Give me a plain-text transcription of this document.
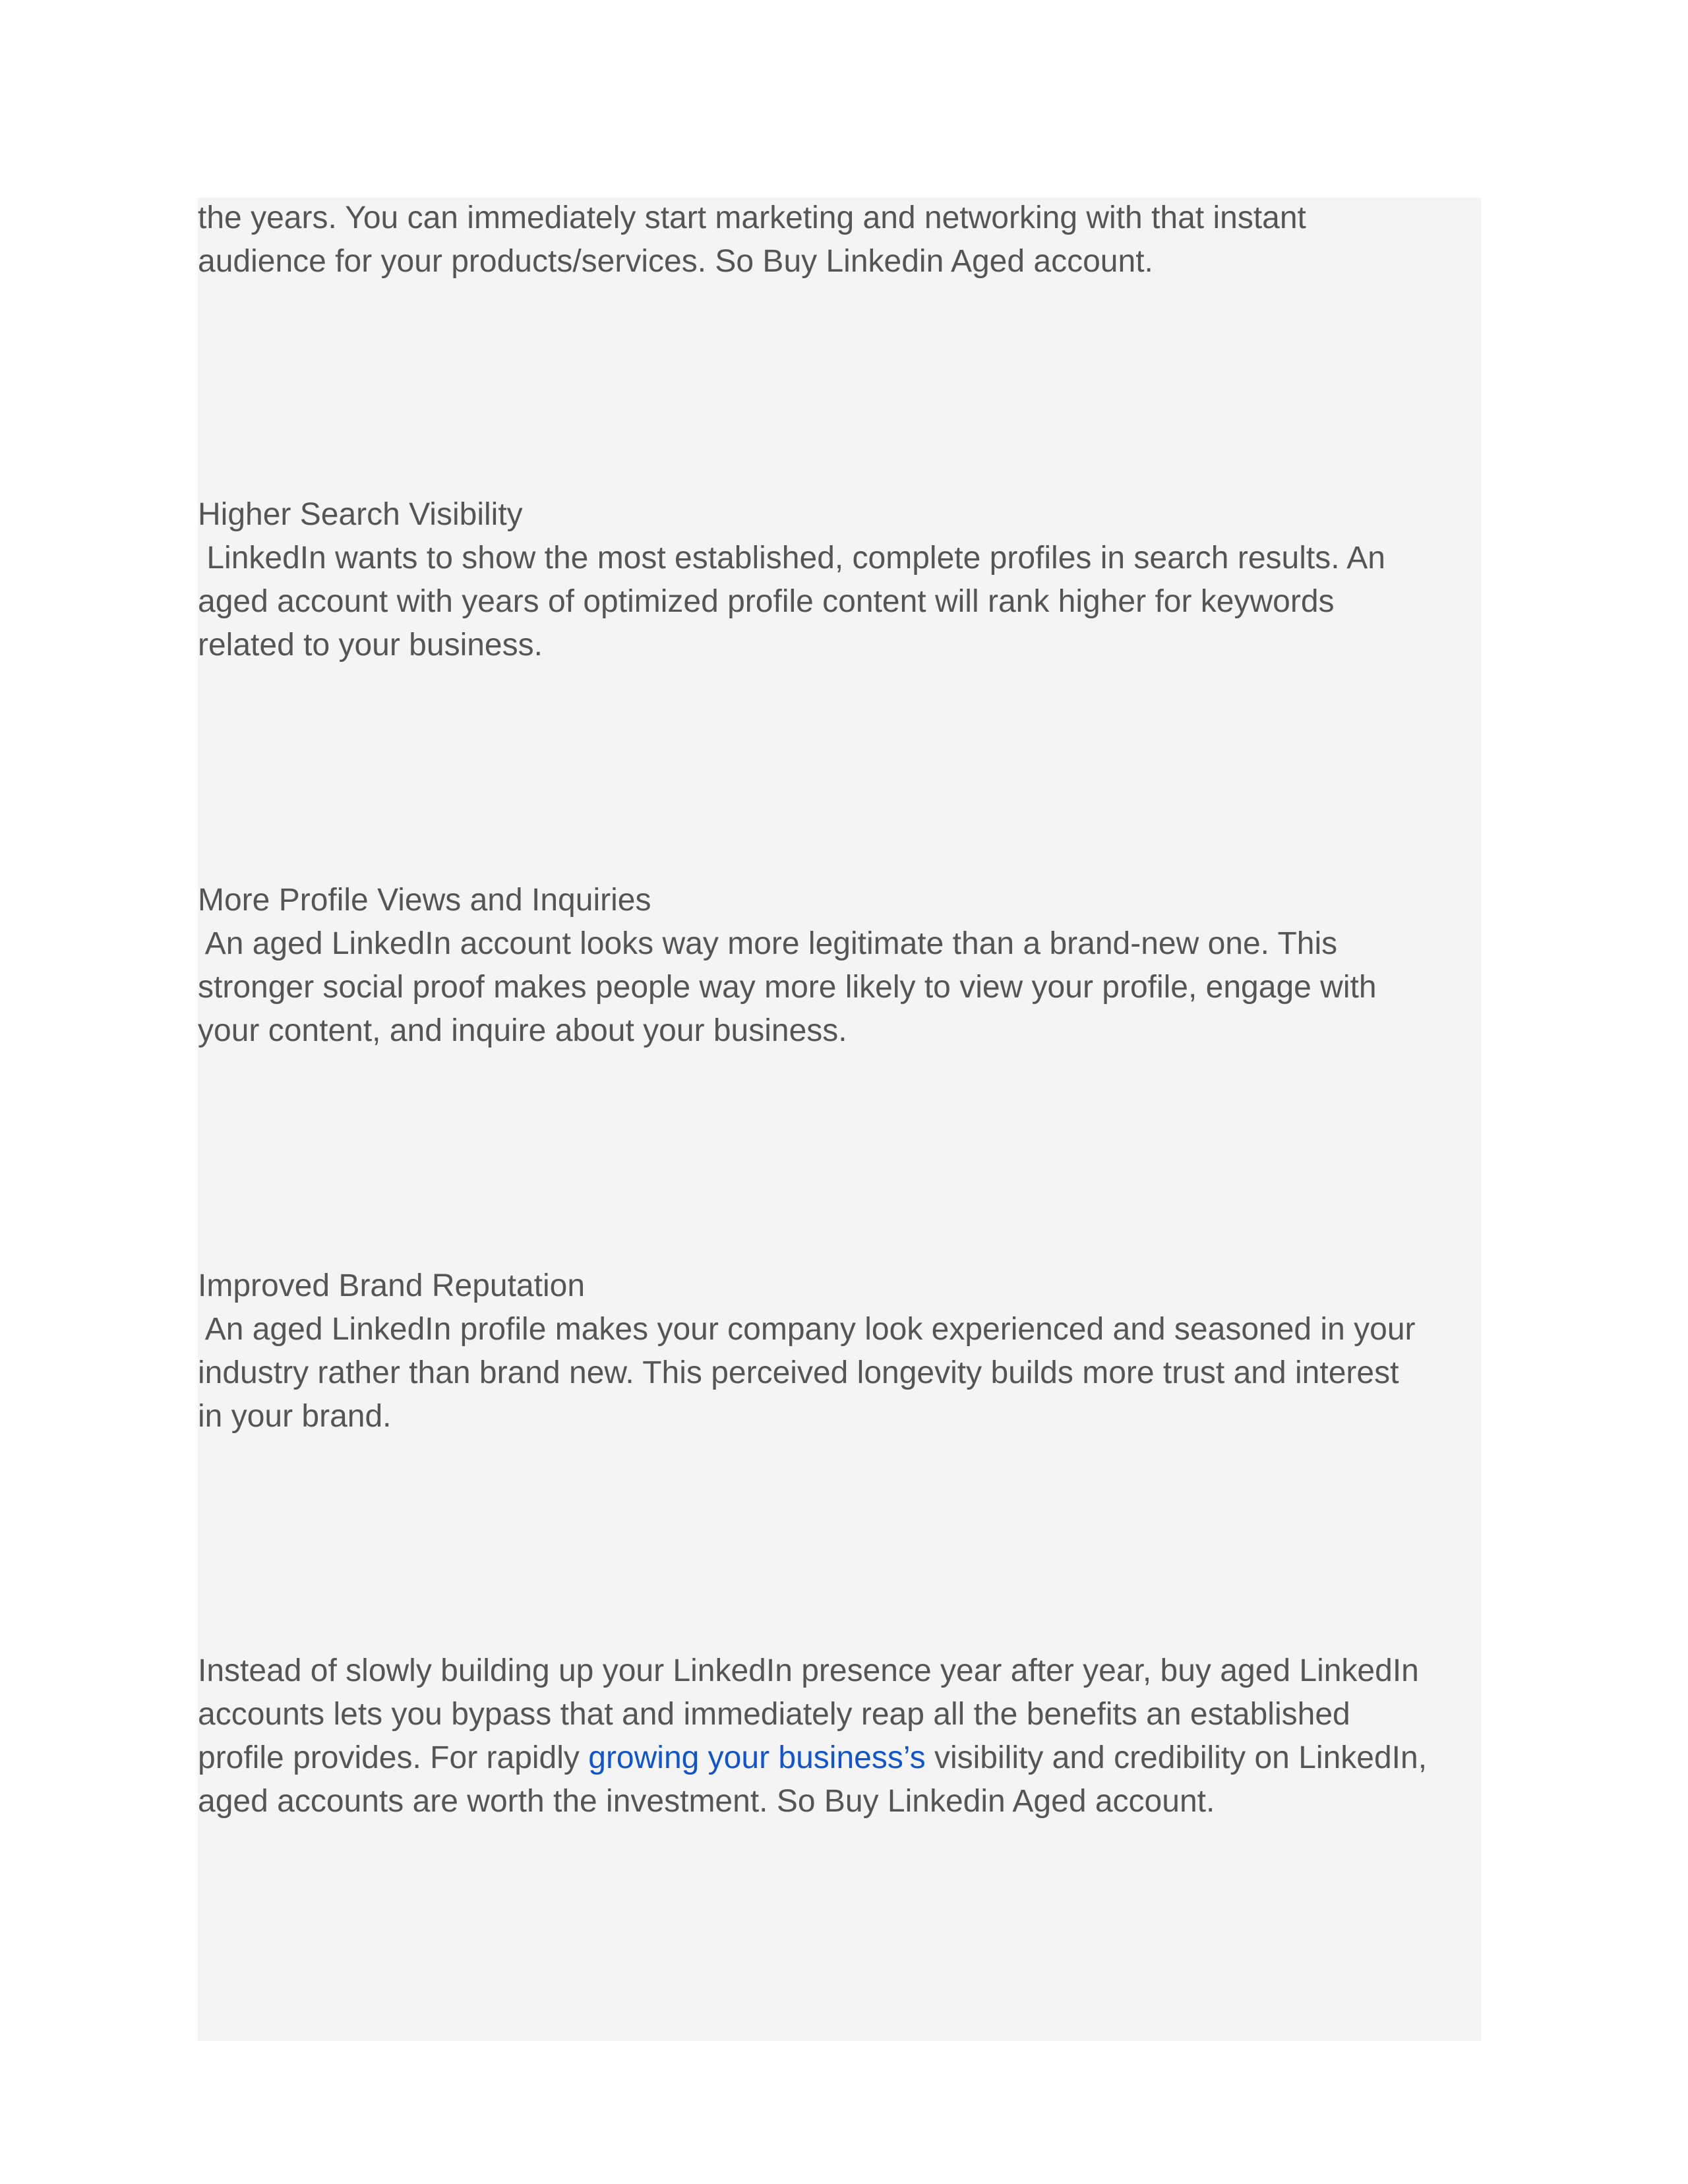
the years. You can immediately start marketing and networking with that instant
audience for your products/services. So Buy Linkedin Aged account.

Higher Search Visibility
LinkedIn wants to show the most established, complete profiles in search results. An
aged account with years of optimized profile content will rank higher for keywords
related to your business.
More Profile Views and Inquiries
An aged LinkedIn account looks way more legitimate than a brand-new one. This
stronger social proof makes people way more likely to view your profile, engage with
your content, and inquire about your business.
Improved Brand Reputation
An aged LinkedIn profile makes your company look experienced and seasoned in your
industry rather than brand new. This perceived longevity builds more trust and interest
in your brand.

Instead of slowly building up your LinkedIn presence year after year, buy aged LinkedIn
accounts lets you bypass that and immediately reap all the benefits an established
profile provides. For rapidly growing your business’s visibility and credibility on LinkedIn,
aged accounts are worth the investment. So Buy Linkedin Aged account.
